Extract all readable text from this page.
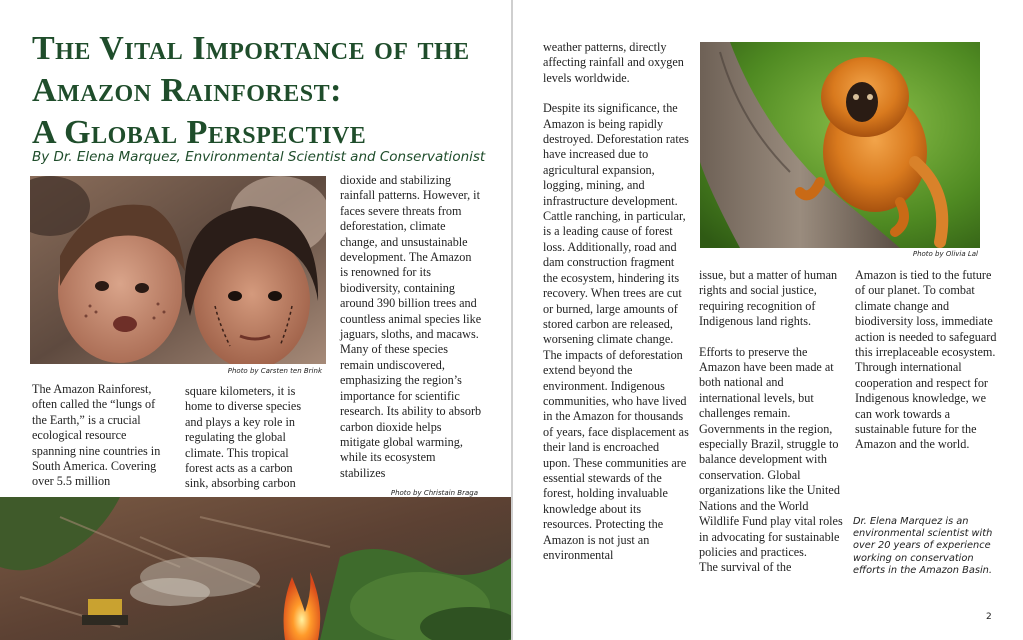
The Vital Importance of the
Amazon Rainforest:
A Global Perspective
By Dr. Elena Marquez, Environmental Scientist and Conservationist
Photo by Carsten ten Brink

The Amazon Rainforest, often called the “lungs of the Earth,” is a crucial ecological resource spanning nine countries in South America. Covering over 5.5 million

square kilometers, it is home to diverse species and plays a key role in regulating the global climate. This tropical forest acts as a carbon sink, absorbing carbon

dioxide and stabilizing rainfall patterns. However, it faces severe threats from deforestation, climate change, and unsustainable development. The Amazon is renowned for its biodiversity, containing around 390 billion trees and countless animal species like jaguars, sloths, and macaws. Many of these species remain undiscovered, emphasizing the region’s importance for scientific research. Its ability to absorb carbon dioxide helps mitigate global warming, while its ecosystem stabilizes

Photo by Christain Braga

weather patterns, directly affecting rainfall and oxygen levels worldwide.

Despite its significance, the Amazon is being rapidly destroyed. Deforestation rates have increased due to agricultural expansion, logging, mining, and infrastructure development. Cattle ranching, in particular, is a leading cause of forest loss. Additionally, road and dam construction fragment the ecosystem, hindering its recovery. When trees are cut or burned, large amounts of stored carbon are released, worsening climate change.

The impacts of deforestation extend beyond the environment. Indigenous communities, who have lived in the Amazon for thousands of years, face displacement as their land is encroached upon. These communities are essential stewards of the forest, holding invaluable knowledge about its resources. Protecting the Amazon is not just an environmental

Photo by Olivia Lal

issue, but a matter of human rights and social justice, requiring recognition of Indigenous land rights.

Efforts to preserve the Amazon have been made at both national and international levels, but challenges remain. Governments in the region, especially Brazil, struggle to balance development with conservation. Global organizations like the United Nations and the World Wildlife Fund play vital roles in advocating for sustainable policies and practices.

The survival of the

Amazon is tied to the future of our planet. To combat climate change and biodiversity loss, immediate action is needed to safeguard this irreplaceable ecosystem. Through international cooperation and respect for Indigenous knowledge, we can work towards a sustainable future for the Amazon and the world.

Dr. Elena Marquez is an environmental scientist with over 20 years of experience working on conservation efforts in the Amazon Basin.
2
